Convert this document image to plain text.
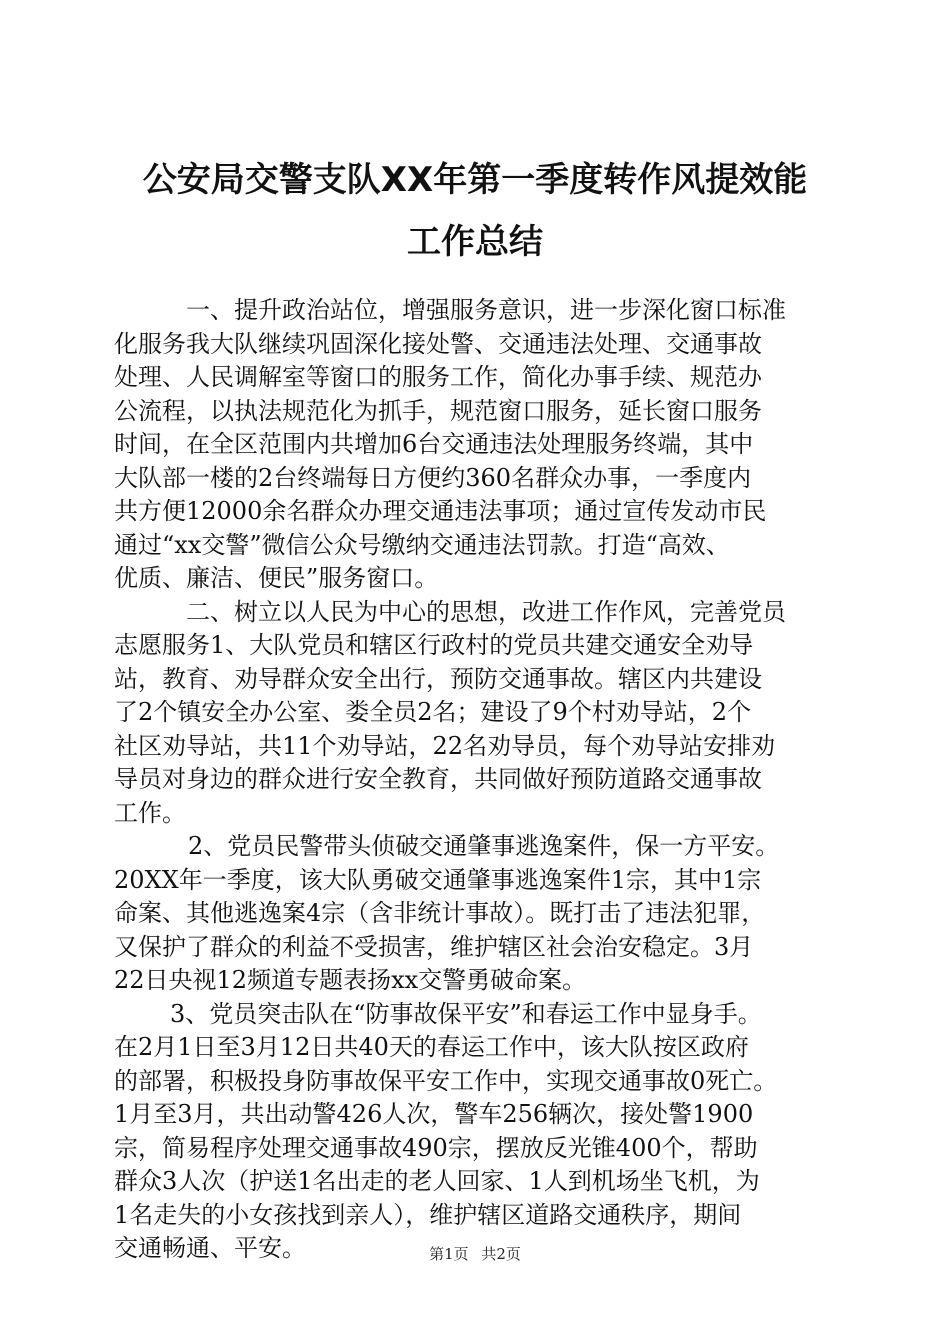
公安局交警支队XX年第一季度转作风提效能
工作总结
一、提升政治站位，增强服务意识，进一步深化窗口标准
化服务我大队继续巩固深化接处警、交通违法处理、交通事故
处理、人民调解室等窗口的服务工作，简化办事手续、规范办
公流程，以执法规范化为抓手，规范窗口服务，延长窗口服务
时间，在全区范围内共增加6台交通违法处理服务终端，其中
大队部一楼的2台终端每日方便约360名群众办事，一季度内
共方便12000余名群众办理交通违法事项；通过宣传发动市民
通过“xx交警”微信公众号缴纳交通违法罚款。打造“高效、
优质、廉洁、便民”服务窗口。
二、树立以人民为中心的思想，改进工作作风，完善党员
志愿服务1、大队党员和辖区行政村的党员共建交通安全劝导
站，教育、劝导群众安全出行，预防交通事故。辖区内共建设
了2个镇安全办公室、娄全员2名；建设了9个村劝导站，2个
社区劝导站，共11个劝导站，22名劝导员，每个劝导站安排劝
导员对身边的群众进行安全教育，共同做好预防道路交通事故
工作。
2、党员民警带头侦破交通肇事逃逸案件，保一方平安。
20XX年一季度，该大队勇破交通肇事逃逸案件1宗，其中1宗
命案、其他逃逸案4宗（含非统计事故）。既打击了违法犯罪，
又保护了群众的利益不受损害，维护辖区社会治安稳定。3月
22日央视12频道专题表扬xx交警勇破命案。
3、党员突击队在“防事故保平安”和春运工作中显身手。
在2月1日至3月12日共40天的春运工作中，该大队按区政府
的部署，积极投身防事故保平安工作中，实现交通事故0死亡。
1月至3月，共出动警426人次，警车256辆次，接处警1900
宗，简易程序处理交通事故490宗，摆放反光锥400个，帮助
群众3人次（护送1名出走的老人回家、1人到机场坐飞机，为
1名走失的小女孩找到亲人），维护辖区道路交通秩序，期间
交通畅通、平安。	第1页 共2页
